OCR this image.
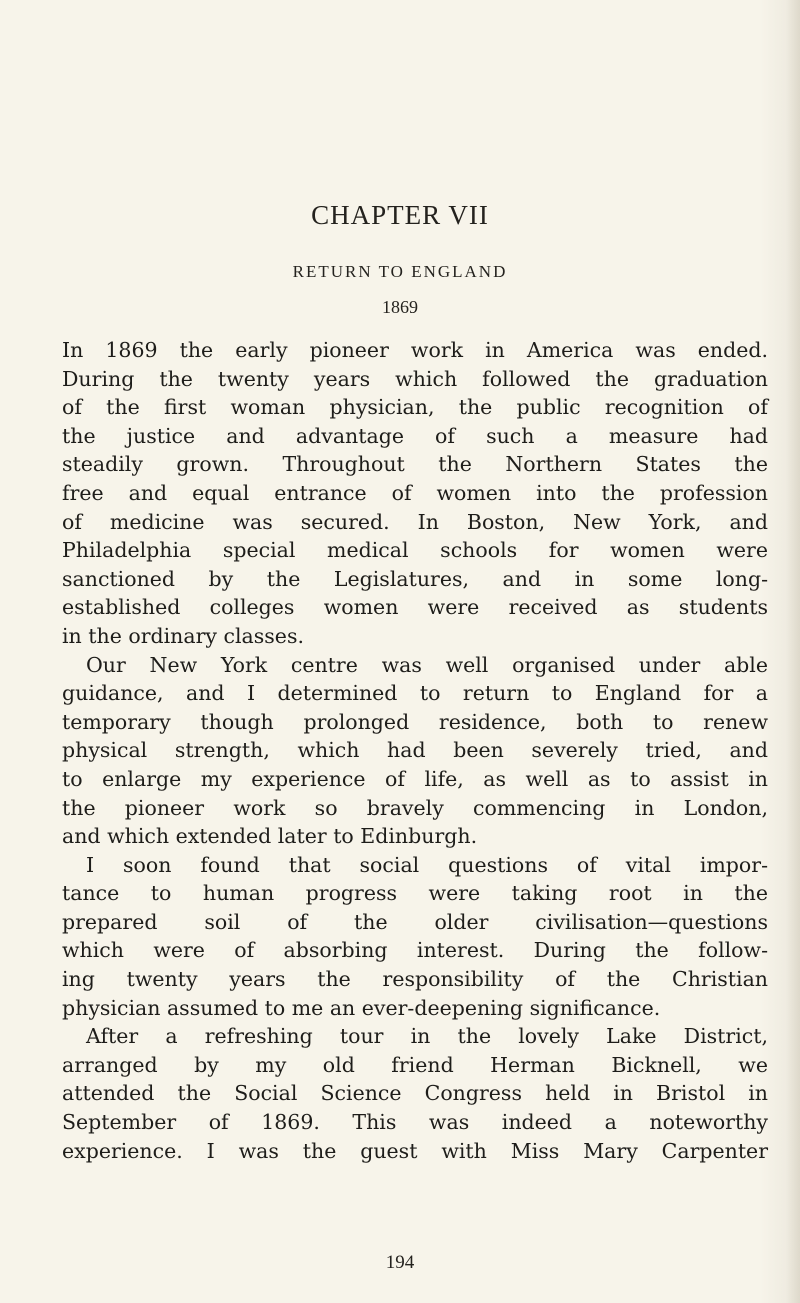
CHAPTER VII
RETURN TO ENGLAND
1869
In 1869 the early pioneer work in America was ended.
During the twenty years which followed the graduation
of the first woman physician, the public recognition of
the justice and advantage of such a measure had
steadily grown. Throughout the Northern States the
free and equal entrance of women into the profession
of medicine was secured. In Boston, New York, and
Philadelphia special medical schools for women were
sanctioned by the Legislatures, and in some long-
established colleges women were received as students
in the ordinary classes.
Our New York centre was well organised under able
guidance, and I determined to return to England for a
temporary though prolonged residence, both to renew
physical strength, which had been severely tried, and
to enlarge my experience of life, as well as to assist in
the pioneer work so bravely commencing in London,
and which extended later to Edinburgh.
I soon found that social questions of vital impor-
tance to human progress were taking root in the
prepared soil of the older civilisation—questions
which were of absorbing interest. During the follow-
ing twenty years the responsibility of the Christian
physician assumed to me an ever-deepening significance.
After a refreshing tour in the lovely Lake District,
arranged by my old friend Herman Bicknell, we
attended the Social Science Congress held in Bristol in
September of 1869. This was indeed a noteworthy
experience. I was the guest with Miss Mary Carpenter
194
